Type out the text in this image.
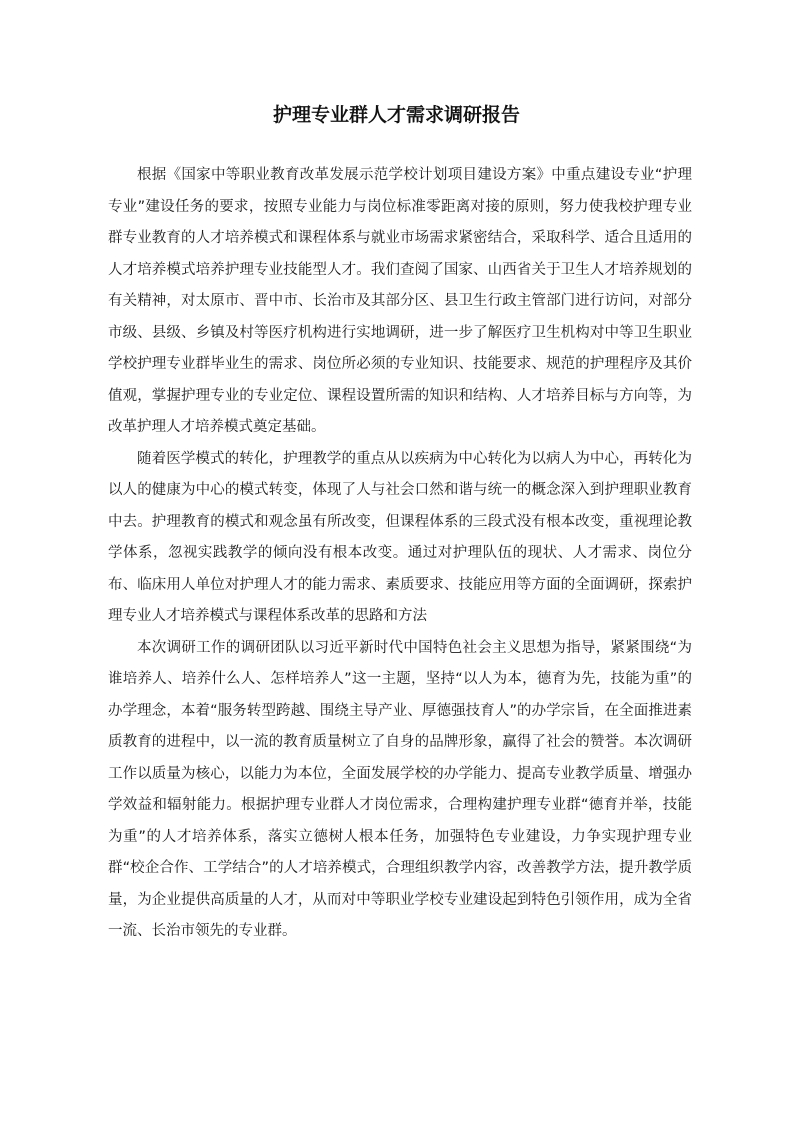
护理专业群人才需求调研报告

根据《国家中等职业教育改革发展示范学校计划项目建设方案》中重点建设专业“护理专业”建设任务的要求，按照专业能力与岗位标准零距离对接的原则，努力使我校护理专业群专业教育的人才培养模式和课程体系与就业市场需求紧密结合，采取科学、适合且适用的人才培养模式培养护理专业技能型人才。我们查阅了国家、山西省关于卫生人才培养规划的有关精神，对太原市、晋中市、长治市及其部分区、县卫生行政主管部门进行访问，对部分市级、县级、乡镇及村等医疗机构进行实地调研，进一步了解医疗卫生机构对中等卫生职业学校护理专业群毕业生的需求、岗位所必须的专业知识、技能要求、规范的护理程序及其价值观，掌握护理专业的专业定位、课程设置所需的知识和结构、人才培养目标与方向等，为改革护理人才培养模式奠定基础。

随着医学模式的转化，护理教学的重点从以疾病为中心转化为以病人为中心，再转化为以人的健康为中心的模式转变，体现了人与社会口然和谐与统一的概念深入到护理职业教育中去。护理教育的模式和观念虽有所改变，但课程体系的三段式没有根本改变，重视理论教学体系，忽视实践教学的倾向没有根本改变。通过对护理队伍的现状、人才需求、岗位分布、临床用人单位对护理人才的能力需求、素质要求、技能应用等方面的全面调研，探索护理专业人才培养模式与课程体系改革的思路和方法

本次调研工作的调研团队以习近平新时代中国特色社会主义思想为指导，紧紧围绕“为谁培养人、培养什么人、怎样培养人”这一主题，坚持“以人为本，德育为先，技能为重”的办学理念，本着“服务转型跨越、围绕主导产业、厚德强技育人”的办学宗旨，在全面推进素质教育的进程中，以一流的教育质量树立了自身的品牌形象，赢得了社会的赞誉。本次调研工作以质量为核心，以能力为本位，全面发展学校的办学能力、提高专业教学质量、增强办学效益和辐射能力。根据护理专业群人才岗位需求，合理构建护理专业群“德育并举，技能为重”的人才培养体系，落实立德树人根本任务，加强特色专业建设，力争实现护理专业群“校企合作、工学结合”的人才培养模式，合理组织教学内容，改善教学方法，提升教学质量，为企业提供高质量的人才，从而对中等职业学校专业建设起到特色引领作用，成为全省一流、长治市领先的专业群。
